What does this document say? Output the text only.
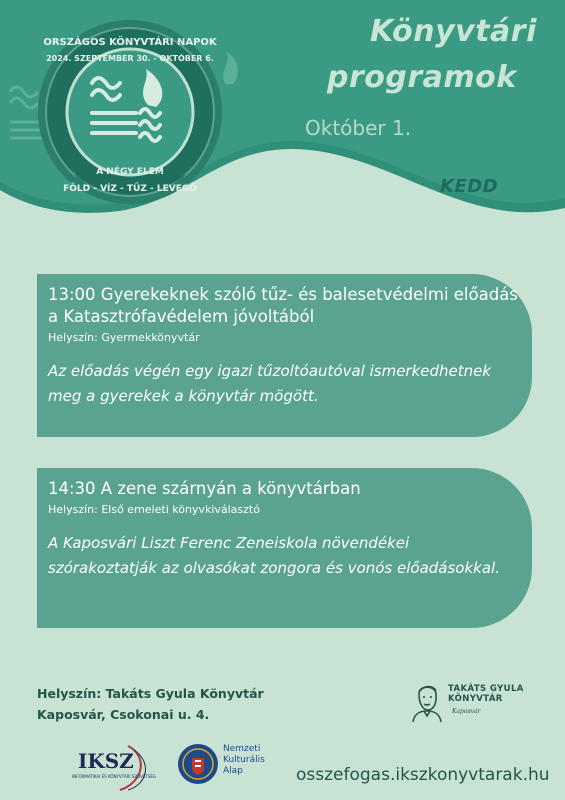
ORSZÁGOS KÖNYVTÁRI NAPOK
2024. SZEPTEMBER 30. - OKTÓBER 6.
A NÉGY ELEM
FÖLD - VÍZ - TŰZ - LEVEGŐ
Könyvtári
programok
Október 1.
KEDD
13:00 Gyerekeknek szóló tűz- és balesetvédelmi előadás a Katasztrófavédelem jóvoltából
Helyszín: Gyermekkönyvtár
Az előadás végén egy igazi tűzoltóautóval ismerkedhetnek meg a gyerekek a könyvtár mögött.
14:30 A zene szárnyán a könyvtárban
Helyszín: Első emeleti könyvkiválasztó
A Kaposvári Liszt Ferenc Zeneiskola növendékei szórakoztatják az olvasókat zongora és vonós előadásokkal.
Helyszín: Takáts Gyula Könyvtár
Kaposvár, Csokonai u. 4.
TAKÁTS GYULA
KÖNYVTÁR
Kaposvár
IKSZ
INFORMATIKAI ÉS KÖNYVTÁRI SZÖVETSÉG
Nemzeti
Kulturális
Alap	osszefogas.ikszkonyvtarak.hu
